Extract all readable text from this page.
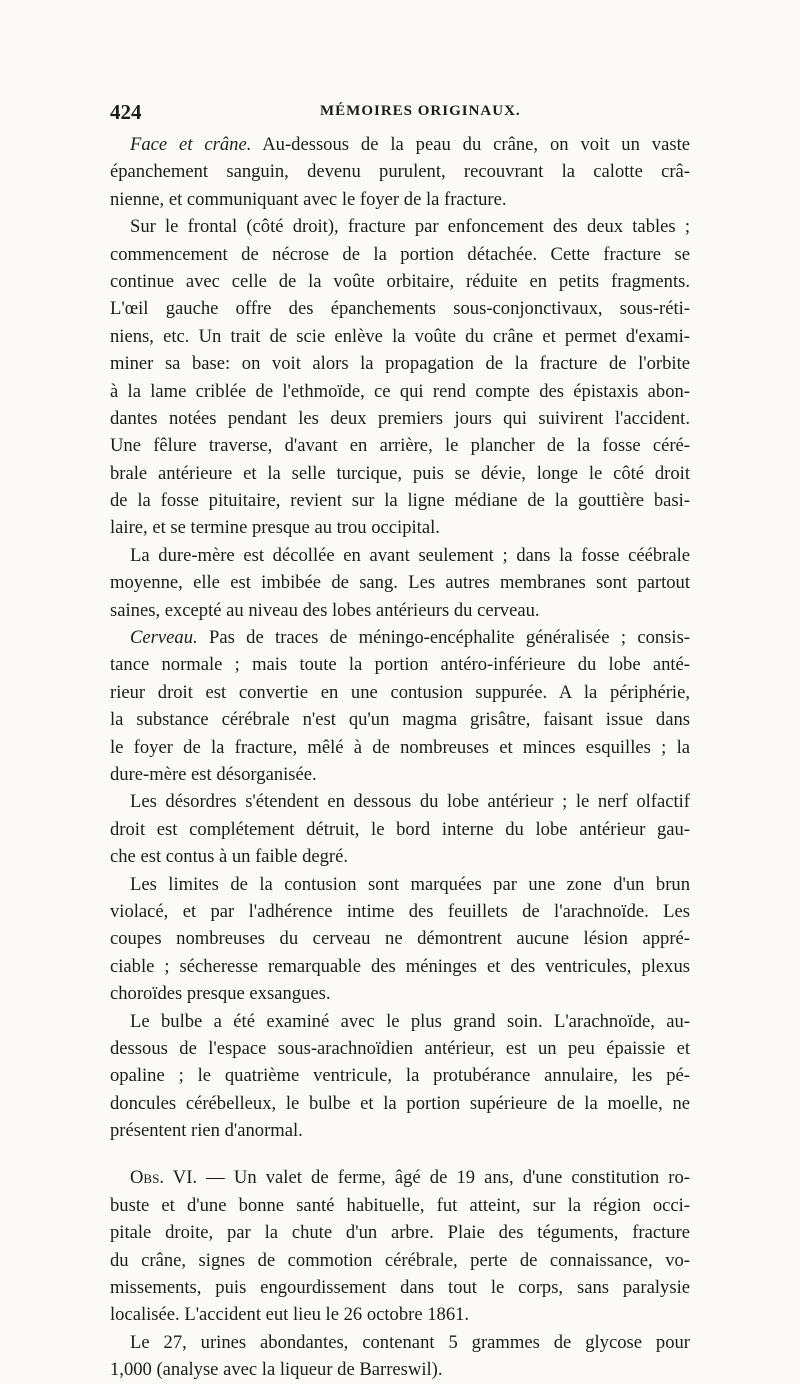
424	MÉMOIRES ORIGINAUX.
Face et crâne. Au-dessous de la peau du crâne, on voit un vaste
épanchement sanguin, devenu purulent, recouvrant la calotte crâ-
nienne, et communiquant avec le foyer de la fracture.
Sur le frontal (côté droit), fracture par enfoncement des deux tables ;
commencement de nécrose de la portion détachée. Cette fracture se
continue avec celle de la voûte orbitaire, réduite en petits fragments.
L'œil gauche offre des épanchements sous-conjonctivaux, sous-réti-
niens, etc. Un trait de scie enlève la voûte du crâne et permet d'exami-
miner sa base: on voit alors la propagation de la fracture de l'orbite
à la lame criblée de l'ethmoïde, ce qui rend compte des épistaxis abon-
dantes notées pendant les deux premiers jours qui suivirent l'accident.
Une fêlure traverse, d'avant en arrière, le plancher de la fosse céré-
brale antérieure et la selle turcique, puis se dévie, longe le côté droit
de la fosse pituitaire, revient sur la ligne médiane de la gouttière basi-
laire, et se termine presque au trou occipital.
La dure-mère est décollée en avant seulement ; dans la fosse céébrale
moyenne, elle est imbibée de sang. Les autres membranes sont partout
saines, excepté au niveau des lobes antérieurs du cerveau.
Cerveau. Pas de traces de méningo-encéphalite généralisée ; consis-
tance normale ; mais toute la portion antéro-inférieure du lobe anté-
rieur droit est convertie en une contusion suppurée. A la périphérie,
la substance cérébrale n'est qu'un magma grisâtre, faisant issue dans
le foyer de la fracture, mêlé à de nombreuses et minces esquilles ; la
dure-mère est désorganisée.
Les désordres s'étendent en dessous du lobe antérieur ; le nerf olfactif
droit est complétement détruit, le bord interne du lobe antérieur gau-
che est contus à un faible degré.
Les limites de la contusion sont marquées par une zone d'un brun
violacé, et par l'adhérence intime des feuillets de l'arachnoïde. Les
coupes nombreuses du cerveau ne démontrent aucune lésion appré-
ciable ; sécheresse remarquable des méninges et des ventricules, plexus
choroïdes presque exsangues.
Le bulbe a été examiné avec le plus grand soin. L'arachnoïde, au-
dessous de l'espace sous-arachnoïdien antérieur, est un peu épaissie et
opaline ; le quatrième ventricule, la protubérance annulaire, les pé-
doncules cérébelleux, le bulbe et la portion supérieure de la moelle, ne
présentent rien d'anormal.
Obs. VI. — Un valet de ferme, âgé de 19 ans, d'une constitution ro-
buste et d'une bonne santé habituelle, fut atteint, sur la région occi-
pitale droite, par la chute d'un arbre. Plaie des téguments, fracture
du crâne, signes de commotion cérébrale, perte de connaissance, vo-
missements, puis engourdissement dans tout le corps, sans paralysie
localisée. L'accident eut lieu le 26 octobre 1861.
Le 27, urines abondantes, contenant 5 grammes de glycose pour
1,000 (analyse avec la liqueur de Barreswil).
